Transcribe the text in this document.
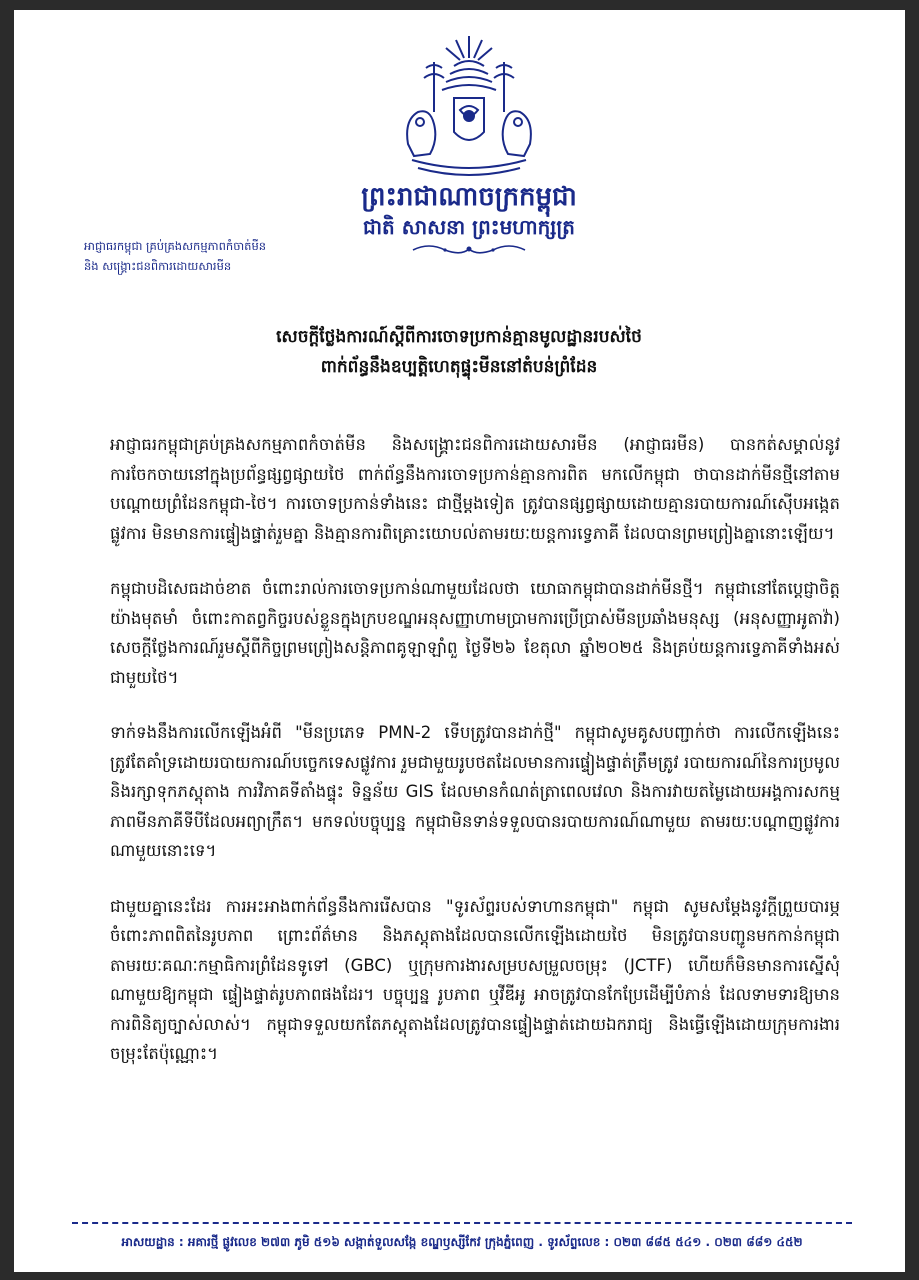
ព្រះរាជាណាចក្រកម្ពុជា
ជាតិ សាសនា ព្រះមហាក្សត្រ
អាជ្ញាធរកម្ពុជា គ្រប់គ្រងសកម្មភាពកំចាត់មីន
និង សង្គ្រោះជនពិការដោយសារមីន
សេចក្តីថ្លែងការណ៍ស្តីពីការចោទប្រកាន់គ្មានមូលដ្ឋានរបស់ថៃ
ពាក់ព័ន្ធនឹងឧប្បត្តិហេតុផ្ទុះមីននៅតំបន់ព្រំដែន

អាជ្ញាធរកម្ពុជាគ្រប់គ្រងសកម្មភាពកំចាត់មីន និងសង្គ្រោះជនពិការដោយសារមីន (អាជ្ញាធរមីន) បានកត់សម្គាល់នូវការចែកចាយនៅក្នុងប្រព័ន្ធផ្សព្វផ្សាយថៃ ពាក់ព័ន្ធនឹងការចោទប្រកាន់គ្មានការពិត មកលើកម្ពុជា ថាបានដាក់មីនថ្មីនៅតាមបណ្តោយព្រំដែនកម្ពុជា-ថៃ។ ការចោទប្រកាន់ទាំងនេះ ជាថ្មីម្តងទៀត ត្រូវបានផ្សព្វផ្សាយដោយគ្មានរបាយការណ៍ស៊ើបអង្កេតផ្លូវការ មិនមានការផ្ទៀងផ្ទាត់រួមគ្នា និងគ្មានការពិគ្រោះយោបល់តាមរយៈយន្តការទ្វេភាគី ដែលបានព្រមព្រៀងគ្នានោះឡើយ។

កម្ពុជាបដិសេធដាច់ខាត ចំពោះរាល់ការចោទប្រកាន់ណាមួយដែលថា យោធាកម្ពុជាបានដាក់មីនថ្មី។ កម្ពុជានៅតែប្តេជ្ញាចិត្តយ៉ាងមុតមាំ ចំពោះកាតព្វកិច្ចរបស់ខ្លួនក្នុងក្របខណ្ឌអនុសញ្ញាហាមប្រាមការប្រើប្រាស់មីនប្រឆាំងមនុស្ស (អនុសញ្ញាអូតាវ៉ា) សេចក្តីថ្លែងការណ៍រួមស្តីពីកិច្ចព្រមព្រៀងសន្តិភាពគូឡាឡាំពួ ថ្ងៃទី២៦ ខែតុលា ឆ្នាំ២០២៥ និងគ្រប់យន្តការទ្វេភាគីទាំងអស់ជាមួយថៃ។

ទាក់ទងនឹងការលើកឡើងអំពី "មីនប្រភេទ PMN-2 ទើបត្រូវបានដាក់ថ្មី" កម្ពុជាសូមគូសបញ្ជាក់ថា ការលើកឡើងនេះ ត្រូវតែគាំទ្រដោយរបាយការណ៍បច្ចេកទេសផ្លូវការ រួមជាមួយរូបថតដែលមានការផ្ទៀងផ្ទាត់ត្រឹមត្រូវ របាយការណ៍នៃការប្រមូលនិងរក្សាទុកភស្តុតាង ការវិភាគទីតាំងផ្ទុះ ទិន្នន័យ GIS ដែលមានកំណត់ត្រាពេលវេលា និងការវាយតម្លៃដោយអង្គការសកម្មភាពមីនភាគីទីបីដែលអព្យាក្រឹត។ មកទល់បច្ចុប្បន្ន កម្ពុជាមិនទាន់ទទួលបានរបាយការណ៍ណាមួយ តាមរយៈបណ្តាញផ្លូវការណាមួយនោះទេ។

ជាមួយគ្នានេះដែរ ការអះអាងពាក់ព័ន្ធនឹងការរើសបាន "ទូរស័ព្ទរបស់ទាហានកម្ពុជា" កម្ពុជា សូមសម្តែងនូវក្តីព្រួយបារម្ភ ចំពោះភាពពិតនៃរូបភាព ព្រោះព័ត៌មាន និងភស្តុតាងដែលបានលើកឡើងដោយថៃ មិនត្រូវបានបញ្ជូនមកកាន់កម្ពុជា តាមរយៈគណៈកម្មាធិការព្រំដែនទូទៅ (GBC) ឬក្រុមការងារសម្របសម្រួលចម្រុះ (JCTF) ហើយក៏មិនមានការស្នើសុំណាមួយឱ្យកម្ពុជា ផ្ទៀងផ្ទាត់រូបភាពផងដែរ។ បច្ចុប្បន្ន រូបភាព ឬវីឌីអូ អាចត្រូវបានកែប្រែដើម្បីបំភាន់ ដែលទាមទារឱ្យមានការពិនិត្យច្បាស់លាស់។ កម្ពុជាទទួលយកតែភស្តុតាងដែលត្រូវបានផ្ទៀងផ្ទាត់ដោយឯករាជ្យ និងធ្វើឡើងដោយក្រុមការងារចម្រុះតែប៉ុណ្ណោះ។

អាសយដ្ឋាន : អគារថ្មី ផ្លូវលេខ ២៧៣ ភូមិ ៥១៦ សង្កាត់ទួលសង្កែ ខណ្ឌឫស្សីកែវ ក្រុងភ្នំពេញ . ទូរស័ព្ទលេខ : ០២៣ ៨៨៥ ៥៤១ . ០២៣ ៨៨១ ៤៥២
